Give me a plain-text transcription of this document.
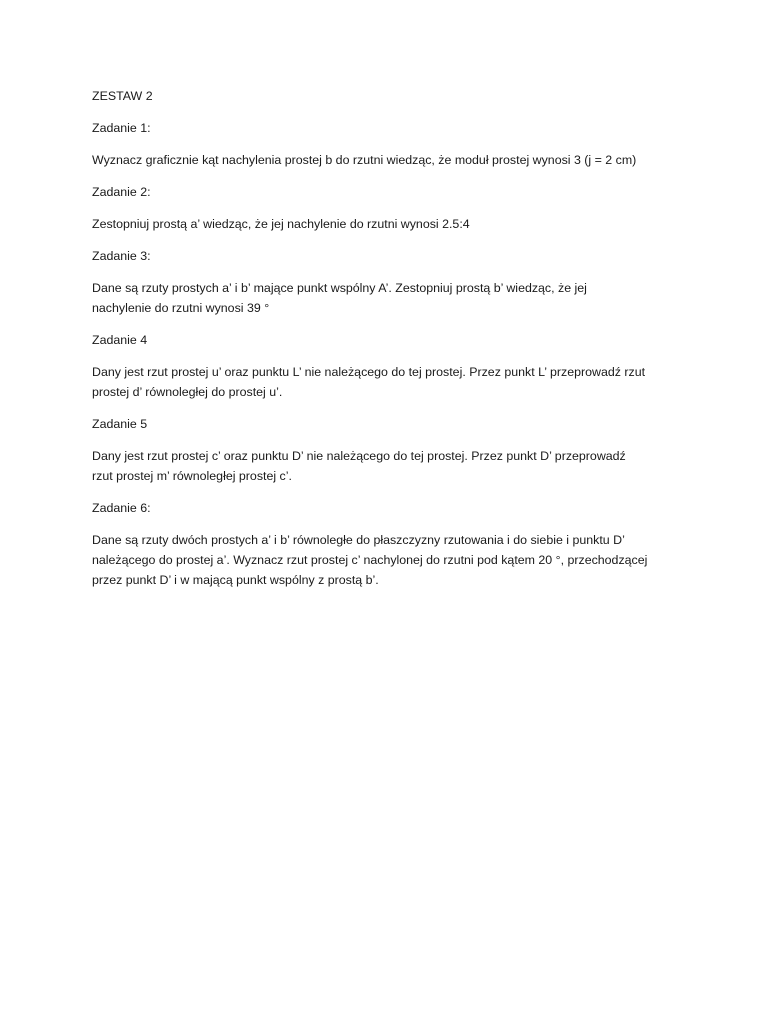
ZESTAW 2
Zadanie 1:
Wyznacz graficznie kąt nachylenia prostej b do rzutni wiedząc, że moduł prostej wynosi 3 (j = 2 cm)
Zadanie 2:
Zestopniuj prostą a’ wiedząc, że jej nachylenie do rzutni wynosi 2.5:4
Zadanie 3:
Dane są rzuty prostych a’ i b’ mające punkt wspólny A’. Zestopniuj prostą b’ wiedząc, że jej
nachylenie do rzutni wynosi 39 °
Zadanie 4
Dany jest rzut prostej u’ oraz punktu L’ nie należącego do tej prostej. Przez punkt L’ przeprowadź rzut
prostej d’ równoległej do prostej u’.
Zadanie 5
Dany jest rzut prostej c’ oraz punktu D’ nie należącego do tej prostej. Przez punkt D’ przeprowadź
rzut prostej m’ równoległej prostej c’.
Zadanie 6:
Dane są rzuty dwóch prostych a’ i b’ równoległe do płaszczyzny rzutowania i do siebie i punktu D’
należącego do prostej a’. Wyznacz rzut prostej c’ nachylonej do rzutni pod kątem 20 °, przechodzącej
przez punkt D’ i w mającą punkt wspólny z prostą b’.
